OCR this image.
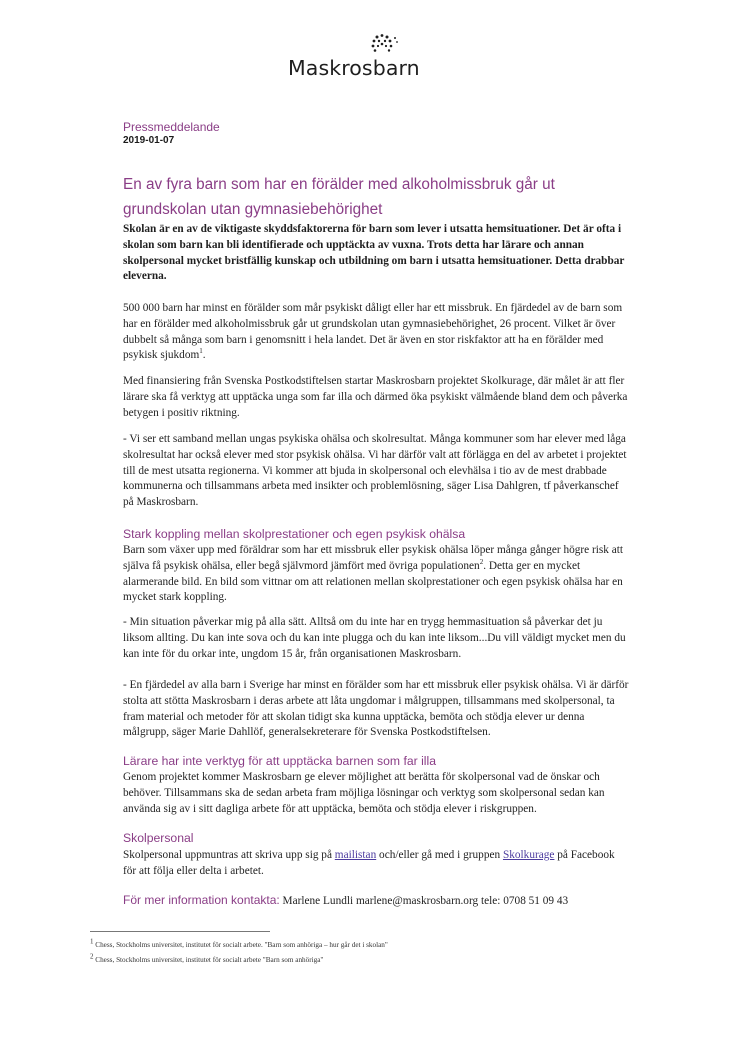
Maskrosbarn
Pressmeddelande
2019-01-07
En av fyra barn som har en förälder med alkoholmissbruk går ut grundskolan utan gymnasiebehörighet

Skolan är en av de viktigaste skyddsfaktorerna för barn som lever i utsatta hemsituationer. Det är ofta i skolan som barn kan bli identifierade och upptäckta av vuxna. Trots detta har lärare och annan skolpersonal mycket bristfällig kunskap och utbildning om barn i utsatta hemsituationer. Detta drabbar eleverna.

500 000 barn har minst en förälder som mår psykiskt dåligt eller har ett missbruk. En fjärdedel av de barn som har en förälder med alkoholmissbruk går ut grundskolan utan gymnasiebehörighet, 26 procent. Vilket är över dubbelt så många som barn i genomsnitt i hela landet. Det är även en stor riskfaktor att ha en förälder med psykisk sjukdom$^1$.

Med finansiering från Svenska Postkodstiftelsen startar Maskrosbarn projektet Skolkurage, där målet är att fler lärare ska få verktyg att upptäcka unga som far illa och därmed öka psykiskt välmående bland dem och påverka betygen i positiv riktning.

- Vi ser ett samband mellan ungas psykiska ohälsa och skolresultat. Många kommuner som har elever med låga skolresultat har också elever med stor psykisk ohälsa. Vi har därför valt att förlägga en del av arbetet i projektet till de mest utsatta regionerna. Vi kommer att bjuda in skolpersonal och elevhälsa i tio av de mest drabbade kommunerna och tillsammans arbeta med insikter och problemlösning, säger Lisa Dahlgren, tf påverkanschef på Maskrosbarn.

Stark koppling mellan skolprestationer och egen psykisk ohälsa

Barn som växer upp med föräldrar som har ett missbruk eller psykisk ohälsa löper många gånger högre risk att själva få psykisk ohälsa, eller begå självmord jämfört med övriga populationen$^2$. Detta ger en mycket alarmerande bild. En bild som vittnar om att relationen mellan skolprestationer och egen psykisk ohälsa har en mycket stark koppling.

- Min situation påverkar mig på alla sätt. Alltså om du inte har en trygg hemmasituation så påverkar det ju liksom allting. Du kan inte sova och du kan inte plugga och du kan inte liksom...Du vill väldigt mycket men du kan inte för du orkar inte, ungdom 15 år, från organisationen Maskrosbarn.

- En fjärdedel av alla barn i Sverige har minst en förälder som har ett missbruk eller psykisk ohälsa. Vi är därför stolta att stötta Maskrosbarn i deras arbete att låta ungdomar i målgruppen, tillsammans med skolpersonal, ta fram material och metoder för att skolan tidigt ska kunna upptäcka, bemöta och stödja elever ur denna målgrupp, säger Marie Dahllöf, generalsekreterare för Svenska Postkodstiftelsen.

Lärare har inte verktyg för att upptäcka barnen som far illa

Genom projektet kommer Maskrosbarn ge elever möjlighet att berätta för skolpersonal vad de önskar och behöver. Tillsammans ska de sedan arbeta fram möjliga lösningar och verktyg som skolpersonal sedan kan använda sig av i sitt dagliga arbete för att upptäcka, bemöta och stödja elever i riskgruppen.

Skolpersonal

Skolpersonal uppmuntras att skriva upp sig på mailistan och/eller gå med i gruppen Skolkurage på Facebook för att följa eller delta i arbetet.

För mer information kontakta: Marlene Lundli marlene@maskrosbarn.org tele: 0708 51 09 43
$^1$ Chess, Stockholms universitet, institutet för socialt arbete. "Barn som anhöriga – hur går det i skolan"
$^2$ Chess, Stockholms universitet, institutet för socialt arbete "Barn som anhöriga"
